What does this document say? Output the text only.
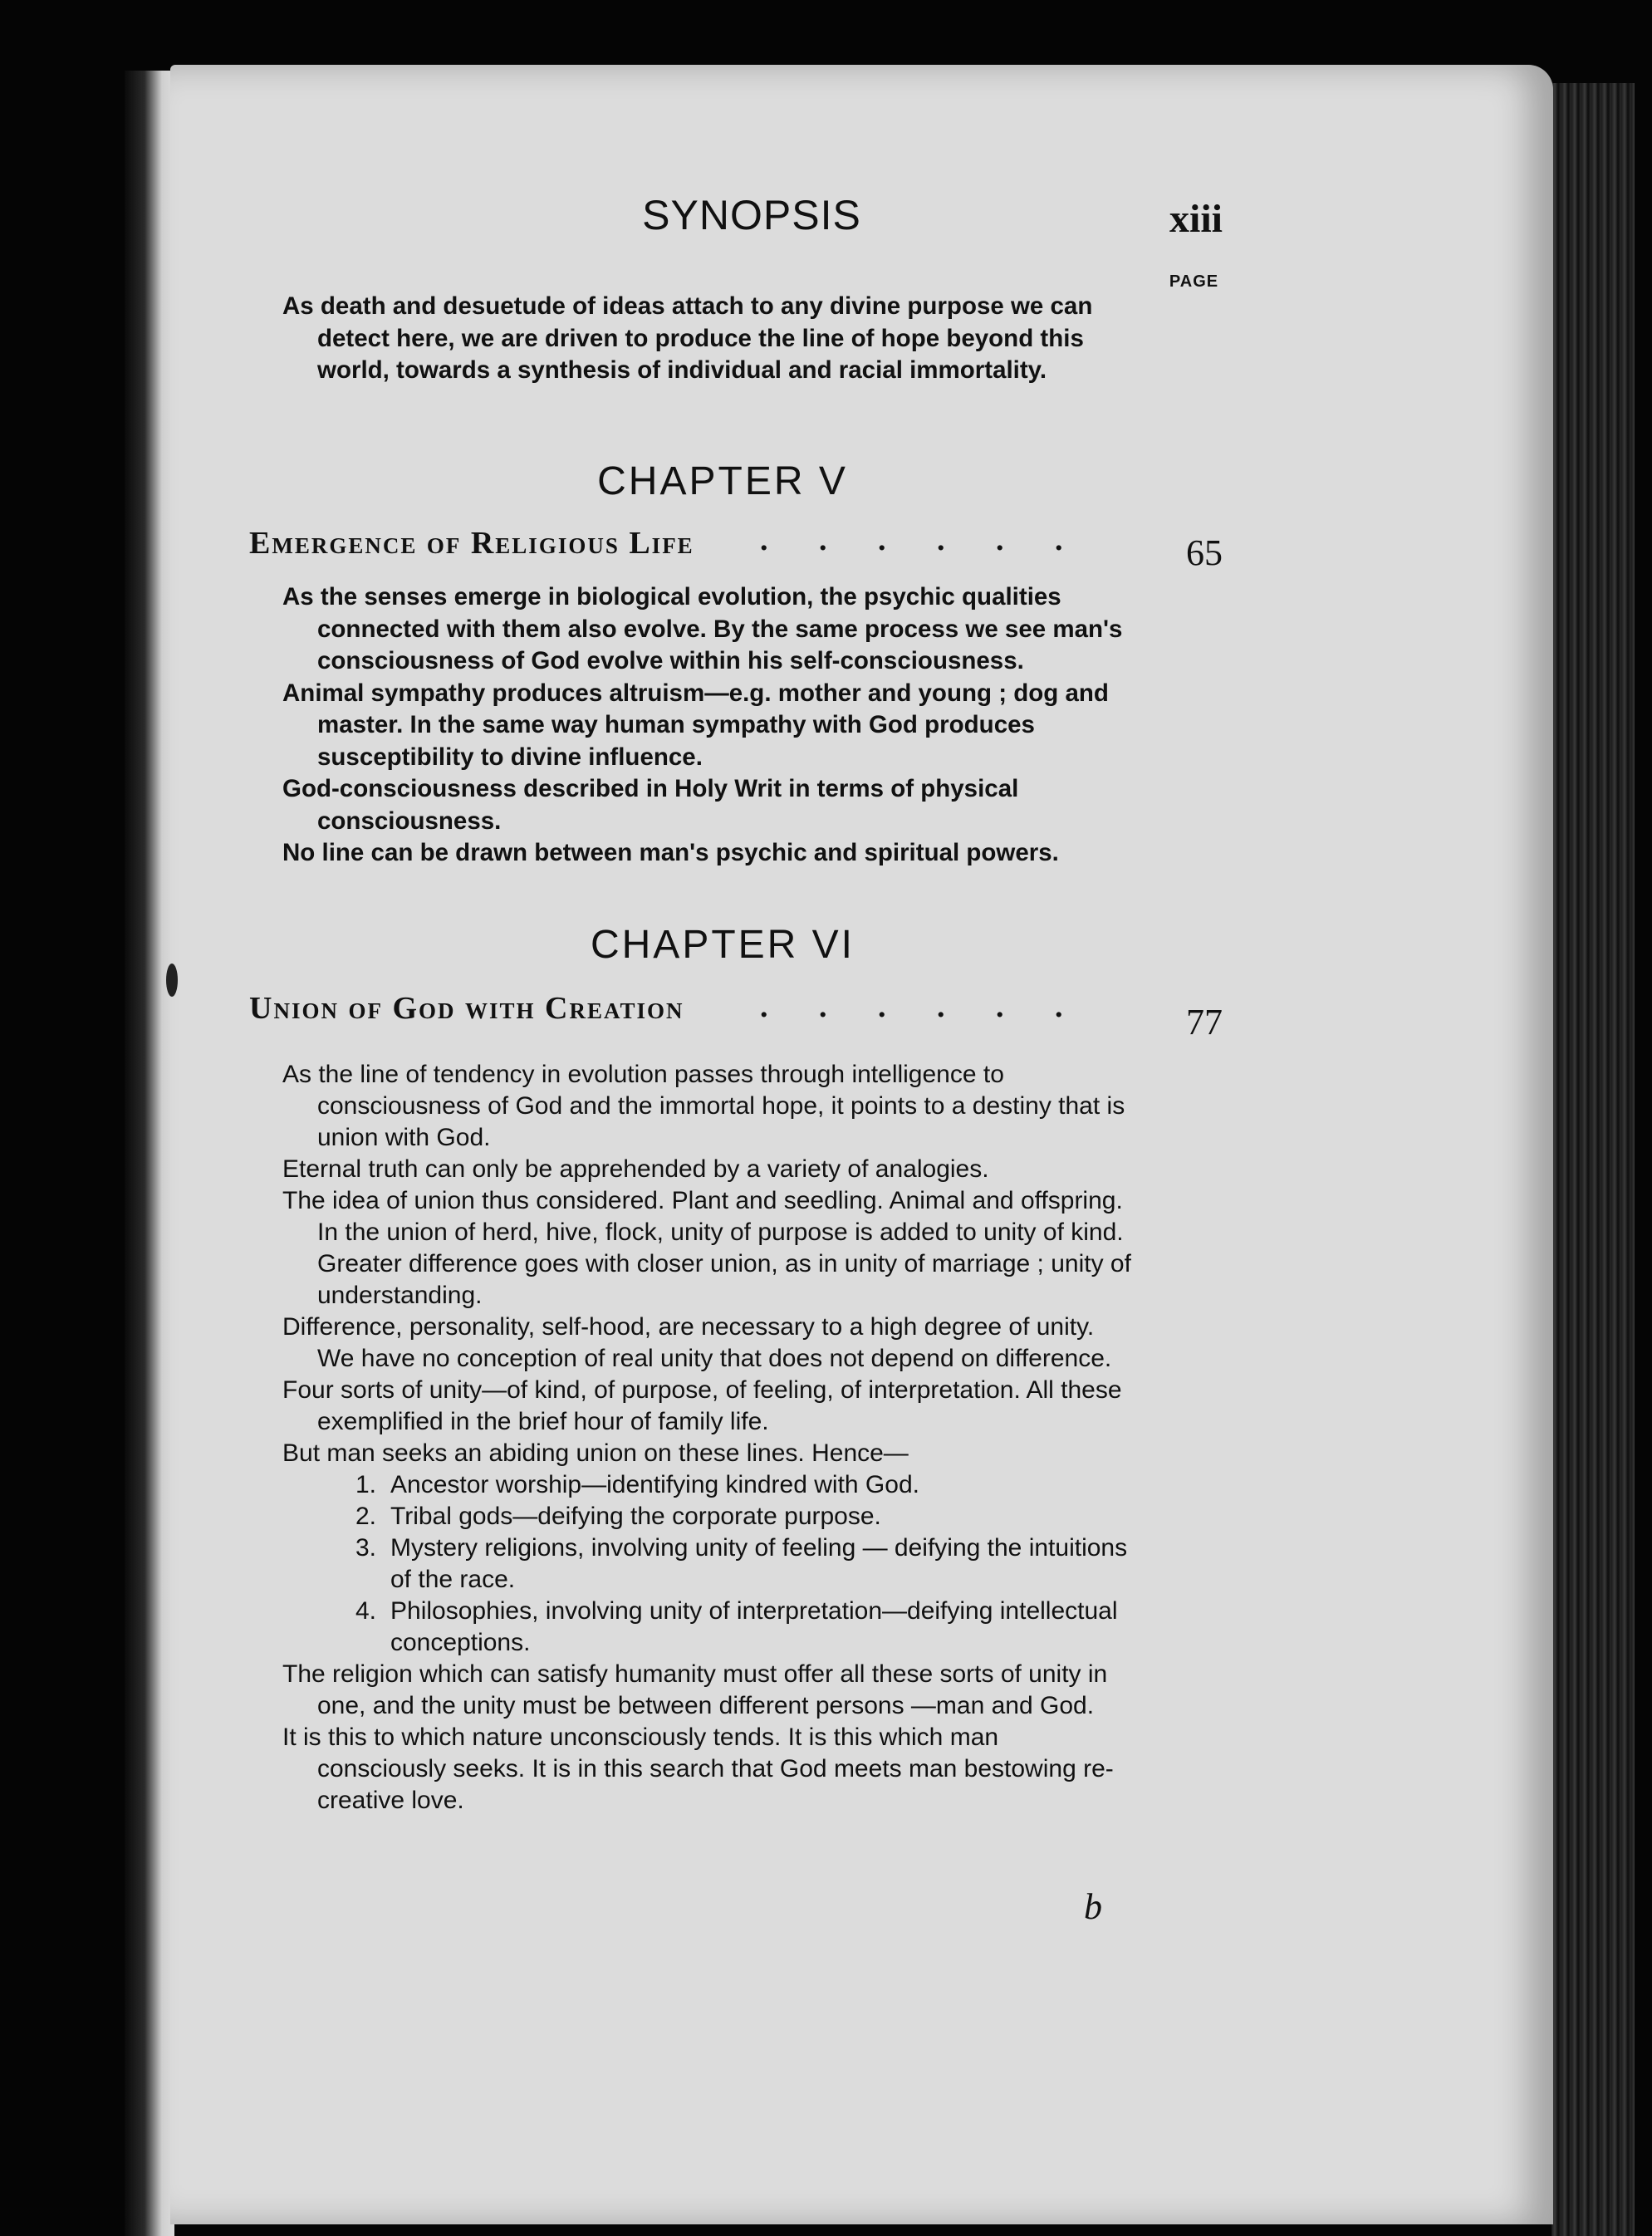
SYNOPSIS	xiii
PAGE

As death and desuetude of ideas attach to any divine purpose we can detect here, we are driven to produce the line of hope beyond this world, towards a synthesis of individual and racial immortality.

CHAPTER V
Emergence of Religious Life . . . . . .	65

As the senses emerge in biological evolution, the psychic qualities connected with them also evolve. By the same process we see man's consciousness of God evolve within his self-consciousness.

Animal sympathy produces altruism—e.g. mother and young ; dog and master. In the same way human sympathy with God produces susceptibility to divine influence.

God-consciousness described in Holy Writ in terms of physical consciousness.

No line can be drawn between man's psychic and spiritual powers.

CHAPTER VI
Union of God with Creation . . . . . .	77

As the line of tendency in evolution passes through intelligence to consciousness of God and the immortal hope, it points to a destiny that is union with God.

Eternal truth can only be apprehended by a variety of analogies.

The idea of union thus considered. Plant and seedling. Animal and offspring. In the union of herd, hive, flock, unity of purpose is added to unity of kind. Greater difference goes with closer union, as in unity of marriage ; unity of understanding.

Difference, personality, self-hood, are necessary to a high degree of unity. We have no conception of real unity that does not depend on difference.

Four sorts of unity—of kind, of purpose, of feeling, of interpretation. All these exemplified in the brief hour of family life.

But man seeks an abiding union on these lines. Hence—

1. Ancestor worship—identifying kindred with God.
2. Tribal gods—deifying the corporate purpose.
3. Mystery religions, involving unity of feeling — deifying the intuitions of the race.
4. Philosophies, involving unity of interpretation—deifying intellectual conceptions.

The religion which can satisfy humanity must offer all these sorts of unity in one, and the unity must be between different persons —man and God.

It is this to which nature unconsciously tends. It is this which man consciously seeks. It is in this search that God meets man bestowing re-creative love.

b
